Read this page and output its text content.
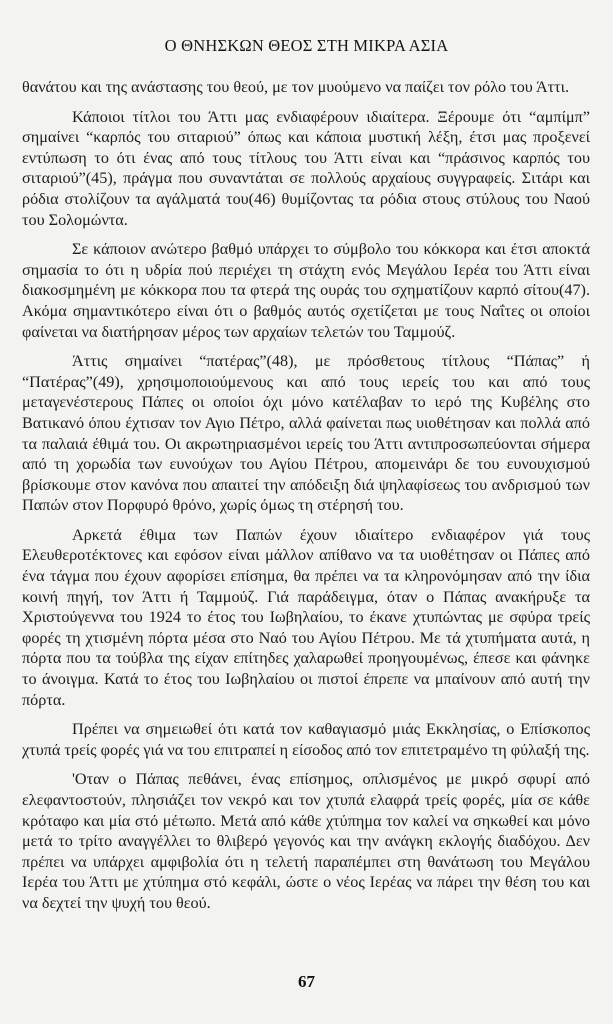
Ο ΘΝΗΣΚΩΝ ΘΕΟΣ ΣΤΗ ΜΙΚΡΑ ΑΣΙΑ

θανάτου και της ανάστασης του θεού, με τον μυούμενο να παίζει τον ρόλο του Άττι.

Κάποιοι τίτλοι του Άττι μας ενδιαφέρουν ιδιαίτερα. Ξέρουμε ότι “αμπίμπ” σημαίνει “καρπός του σιταριού” όπως και κάποια μυστική λέξη, έτσι μας προξενεί εντύπωση το ότι ένας από τους τίτλους του Άττι είναι και “πράσινος καρπός του σιταριού”(45), πράγμα που συναντάται σε πολλούς αρχαίους συγγραφείς. Σιτάρι και ρόδια στολίζουν τα αγάλματά του(46) θυμίζοντας τα ρόδια στους στύλους του Ναού του Σολομώντα.

Σε κάποιον ανώτερο βαθμό υπάρχει το σύμβολο του κόκκορα και έτσι αποκτά σημασία το ότι η υδρία πού περιέχει τη στάχτη ενός Μεγάλου Ιερέα του Άττι είναι διακοσμημένη με κόκκορα που τα φτερά της ουράς του σχηματίζουν καρπό σίτου(47). Ακόμα σημαντικότερο είναι ότι ο βαθμός αυτός σχετίζεται με τους Ναΐτες οι οποίοι φαίνεται να διατήρησαν μέρος των αρχαίων τελετών του Ταμμούζ.

Άττις σημαίνει “πατέρας”(48), με πρόσθετους τίτλους “Πάπας” ή “Πατέρας”(49), χρησιμοποιούμενους και από τους ιερείς του και από τους μεταγενέστερους Πάπες οι οποίοι όχι μόνο κατέλαβαν το ιερό της Κυβέλης στο Βατικανό όπου έχτισαν τον Αγιο Πέτρο, αλλά φαίνεται πως υιοθέτησαν και πολλά από τα παλαιά έθιμά του. Οι ακρωτηριασμένοι ιερείς του Άττι αντιπροσωπεύονται σήμερα από τη χορωδία των ευνούχων του Αγίου Πέτρου, απομεινάρι δε του ευνουχισμού βρίσκουμε στον κανόνα που απαιτεί την απόδειξη διά ψηλαφίσεως του ανδρισμού των Παπών στον Πορφυρό θρόνο, χωρίς όμως τη στέρησή του.

Αρκετά έθιμα των Παπών έχουν ιδιαίτερο ενδιαφέρον γιά τους Ελευθεροτέκτονες και εφόσον είναι μάλλον απίθανο να τα υιοθέτησαν οι Πάπες από ένα τάγμα που έχουν αφορίσει επίσημα, θα πρέπει να τα κληρονόμησαν από την ίδια κοινή πηγή, τον Άττι ή Ταμμούζ. Γιά παράδειγμα, όταν ο Πάπας ανακήρυξε τα Χριστούγεννα του 1924 το έτος του Ιωβηλαίου, το έκανε χτυπώντας με σφύρα τρείς φορές τη χτισμένη πόρτα μέσα στο Ναό του Αγίου Πέτρου. Με τά χτυπήματα αυτά, η πόρτα που τα τούβλα της είχαν επίτηδες χαλαρωθεί προηγουμένως, έπεσε και φάνηκε το άνοιγμα. Κατά το έτος του Ιωβηλαίου οι πιστοί έπρεπε να μπαίνουν από αυτή την πόρτα.

Πρέπει να σημειωθεί ότι κατά τον καθαγιασμό μιάς Εκκλησίας, ο Επίσκοπος χτυπά τρείς φορές γιά να του επιτραπεί η είσοδος από τον επιτετραμένο τη φύλαξή της.

'Οταν ο Πάπας πεθάνει, ένας επίσημος, οπλισμένος με μικρό σφυρί από ελεφαντοστούν, πλησιάζει τον νεκρό και τον χτυπά ελαφρά τρείς φορές, μία σε κάθε κρόταφο και μία στό μέτωπο. Μετά από κάθε χτύπημα τον καλεί να σηκωθεί και μόνο μετά το τρίτο αναγγέλλει το θλιβερό γεγονός και την ανάγκη εκλογής διαδόχου. Δεν πρέπει να υπάρχει αμφιβολία ότι η τελετή παραπέμπει στη θανάτωση του Μεγάλου Ιερέα του Άττι με χτύπημα στό κεφάλι, ώστε ο νέος Ιερέας να πάρει την θέση του και να δεχτεί την ψυχή του θεού.

67
